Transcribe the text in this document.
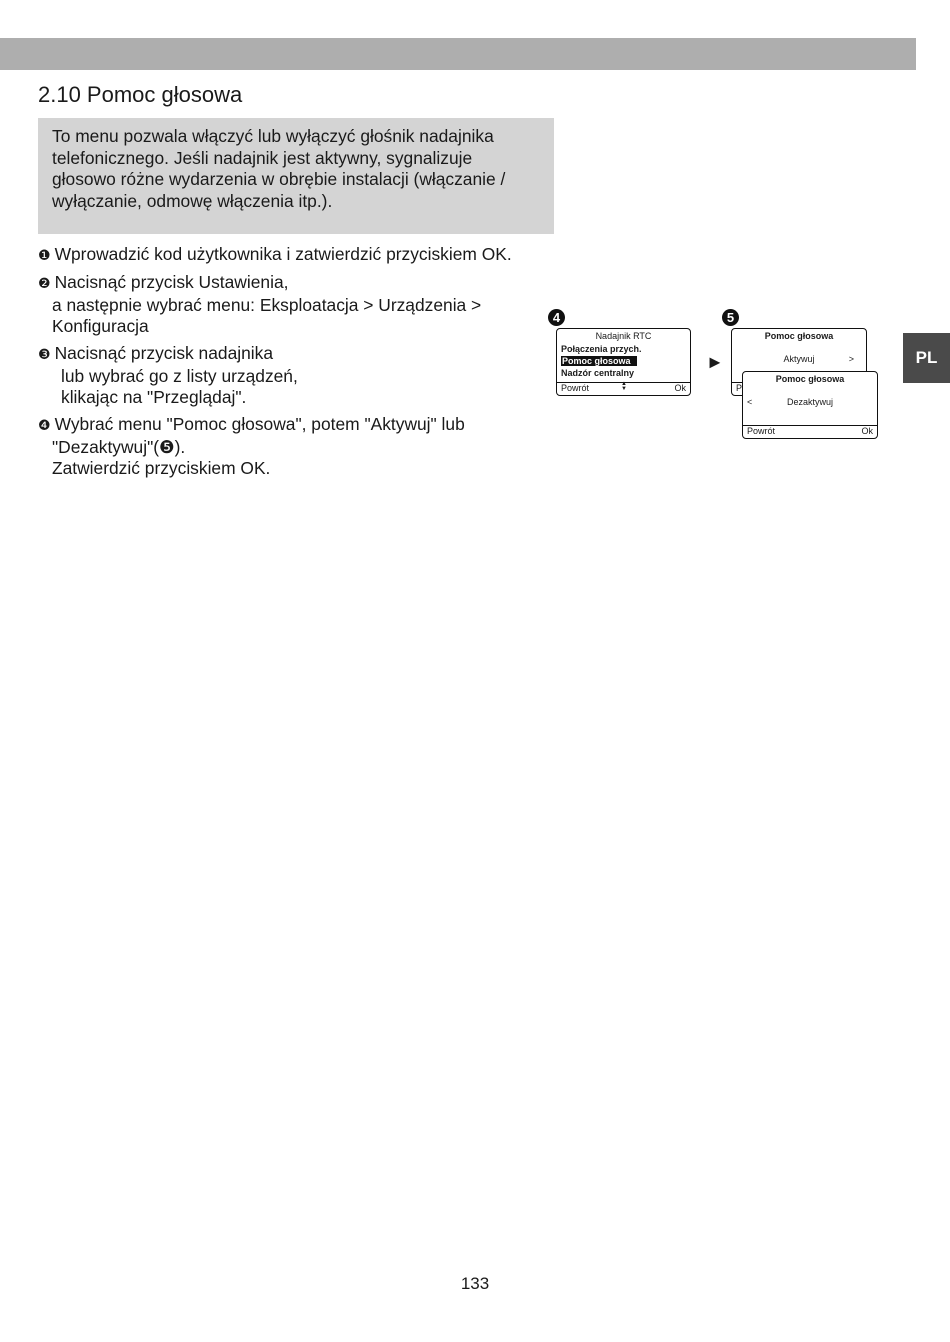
2.10 Pomoc głosowa

To menu pozwala włączyć lub wyłączyć głośnik nadajnika

telefonicznego. Jeśli nadajnik jest aktywny, sygnalizuje

głosowo różne wydarzenia w obrębie instalacji (włączanie /

wyłączanie, odmowę włączenia itp.).

❶ Wprowadzić kod użytkownika i zatwierdzić przyciskiem OK.
❷ Nacisnąć przycisk Ustawienia,
a następnie wybrać menu: Eksploatacja > Urządzenia >
Konfiguracja
❸ Nacisnąć przycisk nadajnika
lub wybrać go z listy urządzeń,
klikając na "Przeglądaj".
❹ Wybrać menu "Pomoc głosowa", potem "Aktywuj" lub
"Dezaktywuj"(❺).
Zatwierdzić przyciskiem OK.
4	5
Nadajnik RTC
Połączenia przych.
Pomoc głosowa
Nadzór centralny
Powrót	▲▼	Ok
►
Pomoc głosowa
Aktywuj	>
P
Pomoc głosowa
<	Dezaktywuj
Powrót	Ok
PL
133
